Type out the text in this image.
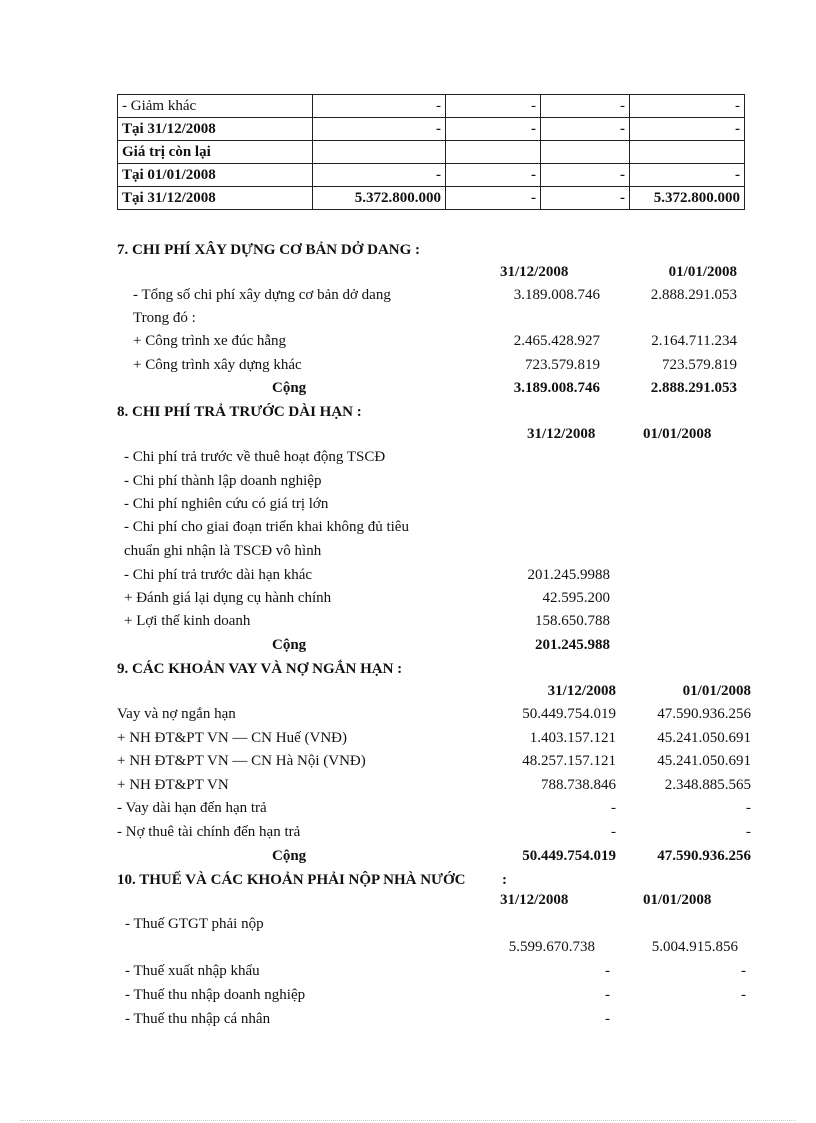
- Giảm khác	-	-	-	-
Tại 31/12/2008	-	-	-	-
Giá trị còn lại				
Tại 01/01/2008	-	-	-	-
Tại 31/12/2008	5.372.800.000	-	-	5.372.800.000
7. CHI PHÍ XÂY DỰNG CƠ BẢN DỞ DANG :
31/12/2008	01/01/2008
- Tổng số chi phí xây dựng cơ bản dở dang	3.189.008.746	2.888.291.053
Trong đó :
+ Công trình xe đúc hẫng	2.465.428.927	2.164.711.234
+ Công trình xây dựng khác	723.579.819	723.579.819
Cộng	3.189.008.746	2.888.291.053
8. CHI PHÍ TRẢ TRƯỚC DÀI HẠN :
31/12/2008	01/01/2008
- Chi phí trả trước về thuê hoạt động TSCĐ
- Chi phí thành lập doanh nghiệp
- Chi phí nghiên cứu có giá trị lớn
- Chi phí cho giai đoạn triển khai không đủ tiêu
chuẩn ghi nhận là TSCĐ vô hình
- Chi phí trả trước dài hạn khác	201.245.9988
+ Đánh giá lại dụng cụ hành chính	42.595.200
+ Lợi thế kinh doanh	158.650.788
Cộng	201.245.988
9. CÁC KHOẢN VAY VÀ NỢ NGẮN HẠN :
31/12/2008	01/01/2008
Vay và nợ ngắn hạn	50.449.754.019	47.590.936.256
+ NH ĐT&PT VN — CN Huế (VNĐ)	1.403.157.121	45.241.050.691
+ NH ĐT&PT VN — CN Hà Nội (VNĐ)	48.257.157.121	45.241.050.691
+ NH ĐT&PT VN	788.738.846	2.348.885.565
- Vay dài hạn đến hạn trả	-	-
- Nợ thuê tài chính đến hạn trả	-	-
Cộng	50.449.754.019	47.590.936.256
10. THUẾ VÀ CÁC KHOẢN PHẢI NỘP NHÀ NƯỚC :
31/12/2008	01/01/2008
- Thuế GTGT phải nộp
5.599.670.738	5.004.915.856
- Thuế xuất nhập khẩu	-	-
- Thuế thu nhập doanh nghiệp	-	-
- Thuế thu nhập cá nhân	-
